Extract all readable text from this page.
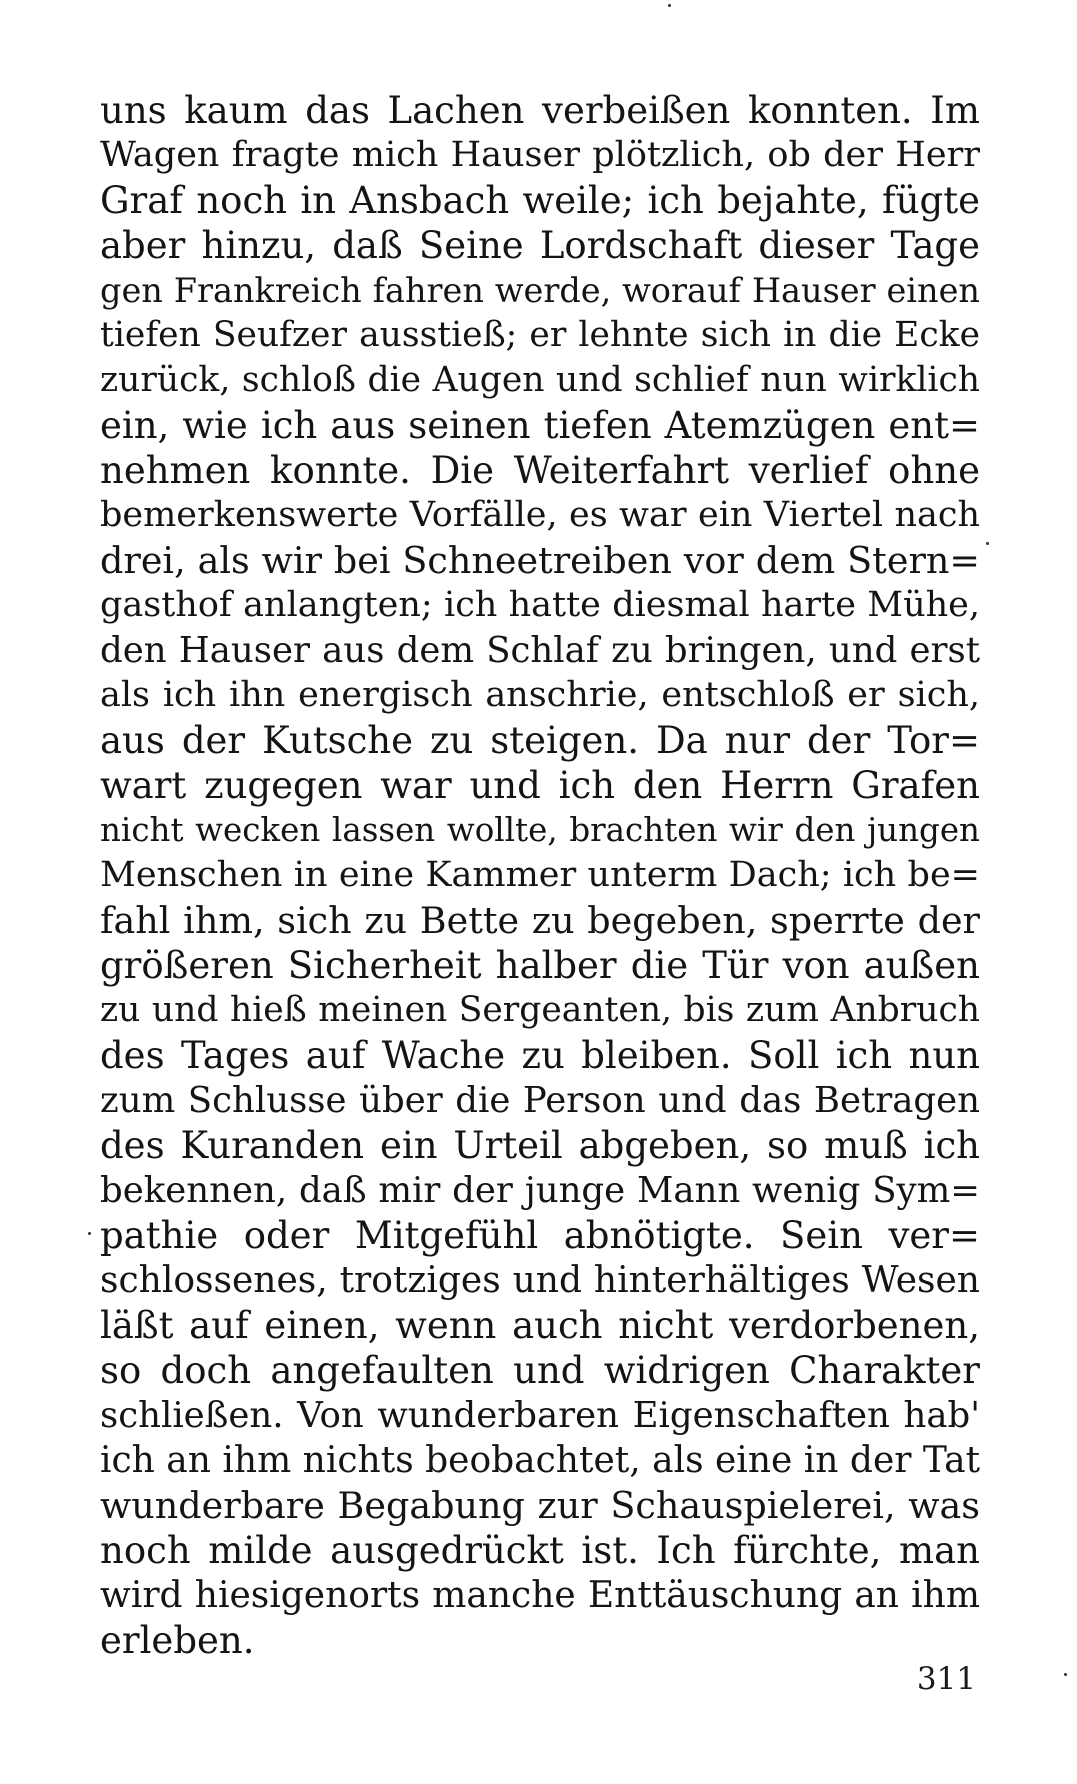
uns kaum das Lachen verbeißen konnten. Im
Wagen fragte mich Hauser plötzlich, ob der Herr
Graf noch in Ansbach weile; ich bejahte, fügte
aber hinzu, daß Seine Lordschaft dieser Tage
gen Frankreich fahren werde, worauf Hauser einen
tiefen Seufzer ausstieß; er lehnte sich in die Ecke
zurück, schloß die Augen und schlief nun wirklich
ein, wie ich aus seinen tiefen Atemzügen ent=
nehmen konnte. Die Weiterfahrt verlief ohne
bemerkenswerte Vorfälle, es war ein Viertel nach
drei, als wir bei Schneetreiben vor dem Stern=
gasthof anlangten; ich hatte diesmal harte Mühe,
den Hauser aus dem Schlaf zu bringen, und erst
als ich ihn energisch anschrie, entschloß er sich,
aus der Kutsche zu steigen. Da nur der Tor=
wart zugegen war und ich den Herrn Grafen
nicht wecken lassen wollte, brachten wir den jungen
Menschen in eine Kammer unterm Dach; ich be=
fahl ihm, sich zu Bette zu begeben, sperrte der
größeren Sicherheit halber die Tür von außen
zu und hieß meinen Sergeanten, bis zum Anbruch
des Tages auf Wache zu bleiben. Soll ich nun
zum Schlusse über die Person und das Betragen
des Kuranden ein Urteil abgeben, so muß ich
bekennen, daß mir der junge Mann wenig Sym=
pathie oder Mitgefühl abnötigte. Sein ver=
schlossenes, trotziges und hinterhältiges Wesen
läßt auf einen, wenn auch nicht verdorbenen,
so doch angefaulten und widrigen Charakter
schließen. Von wunderbaren Eigenschaften hab'
ich an ihm nichts beobachtet, als eine in der Tat
wunderbare Begabung zur Schauspielerei, was
noch milde ausgedrückt ist. Ich fürchte, man
wird hiesigenorts manche Enttäuschung an ihm
erleben.
311
